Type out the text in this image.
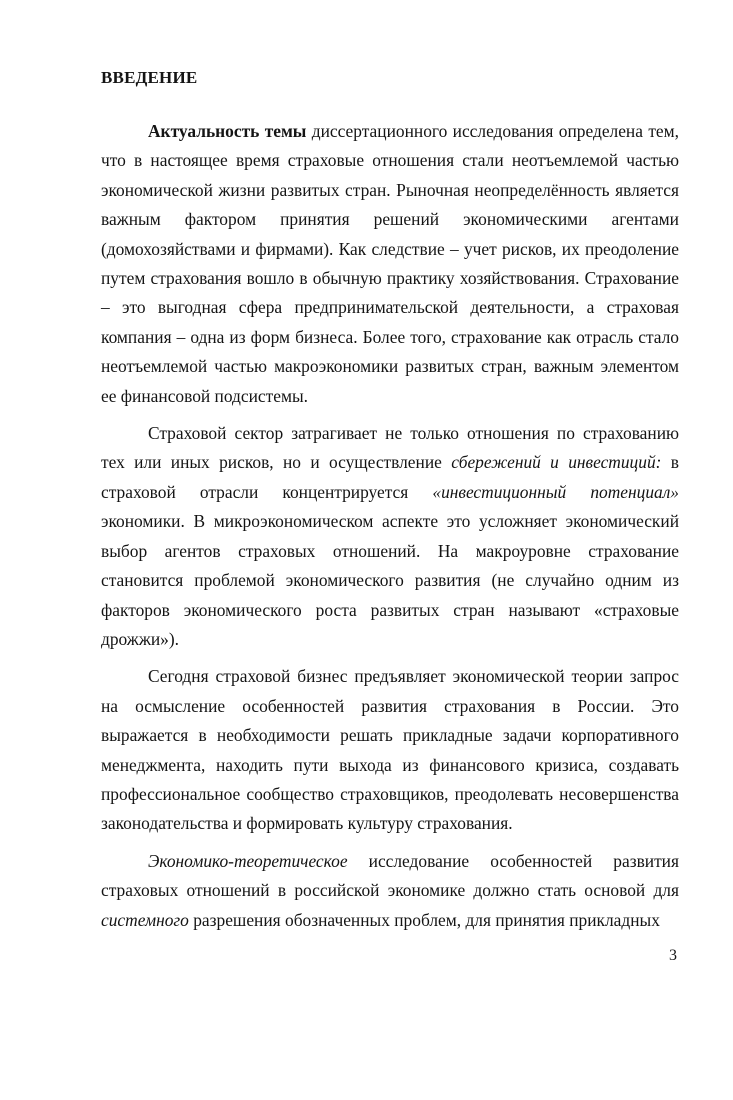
ВВЕДЕНИЕ

Актуальность темы диссертационного исследования определена тем, что в настоящее время страховые отношения стали неотъемлемой частью экономической жизни развитых стран. Рыночная неопределённость является важным фактором принятия решений экономическими агентами (домохозяйствами и фирмами). Как следствие – учет рисков, их преодоление путем страхования вошло в обычную практику хозяйствования. Страхование – это выгодная сфера предпринимательской деятельности, а страховая компания – одна из форм бизнеса. Более того, страхование как отрасль стало неотъемлемой частью макроэкономики развитых стран, важным элементом ее финансовой подсистемы.

Страховой сектор затрагивает не только отношения по страхованию тех или иных рисков, но и осуществление сбережений и инвестиций: в страховой отрасли концентрируется «инвестиционный потенциал» экономики. В микроэкономическом аспекте это усложняет экономический выбор агентов страховых отношений. На макроуровне страхование становится проблемой экономического развития (не случайно одним из факторов экономического роста развитых стран называют «страховые дрожжи»).

Сегодня страховой бизнес предъявляет экономической теории запрос на осмысление особенностей развития страхования в России. Это выражается в необходимости решать прикладные задачи корпоративного менеджмента, находить пути выхода из финансового кризиса, создавать профессиональное сообщество страховщиков, преодолевать несовершенства законодательства и формировать культуру страхования.

Экономико-теоретическое исследование особенностей развития страховых отношений в российской экономике должно стать основой для системного разрешения обозначенных проблем, для принятия прикладных

3
